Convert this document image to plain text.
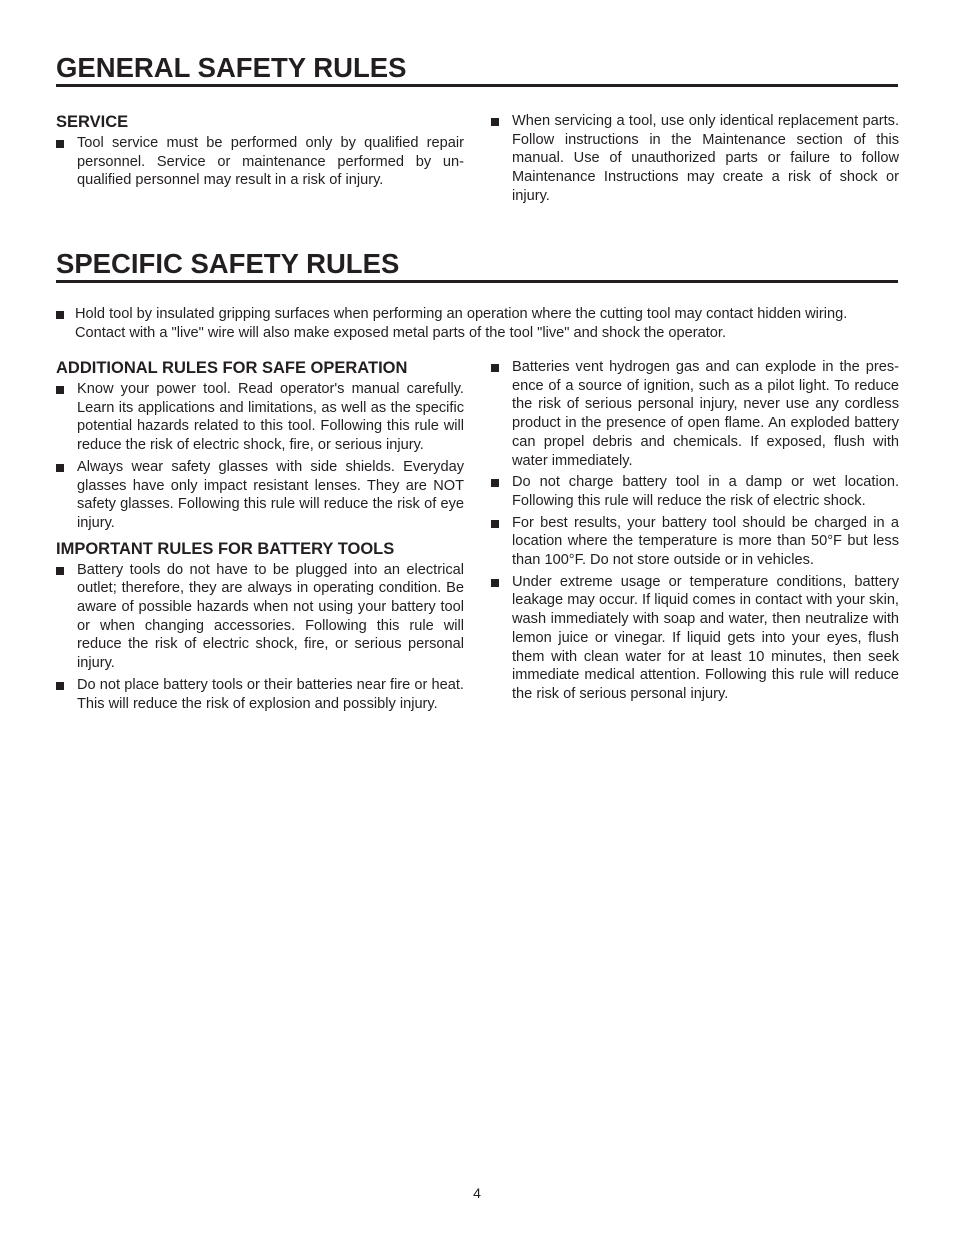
GENERAL SAFETY RULES
SERVICE
Tool service must be performed only by qualified repair personnel. Service or maintenance performed by unqualified personnel may result in a risk of injury.
When servicing a tool, use only identical replacement parts. Follow instructions in the Maintenance section of this manual. Use of unauthorized parts or failure to follow Maintenance Instructions may create a risk of shock or injury.
SPECIFIC SAFETY RULES
Hold tool by insulated gripping surfaces when performing an operation where the cutting tool may contact hidden wiring. Contact with a "live" wire will also make exposed metal parts of the tool "live" and shock the operator.
ADDITIONAL RULES FOR SAFE OPERATION
Know your power tool. Read operator's manual carefully. Learn its applications and limitations, as well as the specific potential hazards related to this tool. Following this rule will reduce the risk of electric shock, fire, or serious injury.
Always wear safety glasses with side shields. Everyday glasses have only impact resistant lenses. They are NOT safety glasses. Following this rule will reduce the risk of eye injury.
IMPORTANT RULES FOR BATTERY TOOLS
Battery tools do not have to be plugged into an electrical outlet; therefore, they are always in operating condition. Be aware of possible hazards when not using your battery tool or when changing accessories. Following this rule will reduce the risk of electric shock, fire, or serious personal injury.
Do not place battery tools or their batteries near fire or heat. This will reduce the risk of explosion and possibly injury.
Batteries vent hydrogen gas and can explode in the presence of a source of ignition, such as a pilot light. To reduce the risk of serious personal injury, never use any cordless product in the presence of open flame. An exploded battery can propel debris and chemicals. If exposed, flush with water immediately.
Do not charge battery tool in a damp or wet location. Following this rule will reduce the risk of electric shock.
For best results, your battery tool should be charged in a location where the temperature is more than 50°F but less than 100°F. Do not store outside or in vehicles.
Under extreme usage or temperature conditions, battery leakage may occur. If liquid comes in contact with your skin, wash immediately with soap and water, then neutralize with lemon juice or vinegar. If liquid gets into your eyes, flush them with clean water for at least 10 minutes, then seek immediate medical attention. Following this rule will reduce the risk of serious personal injury.
4
